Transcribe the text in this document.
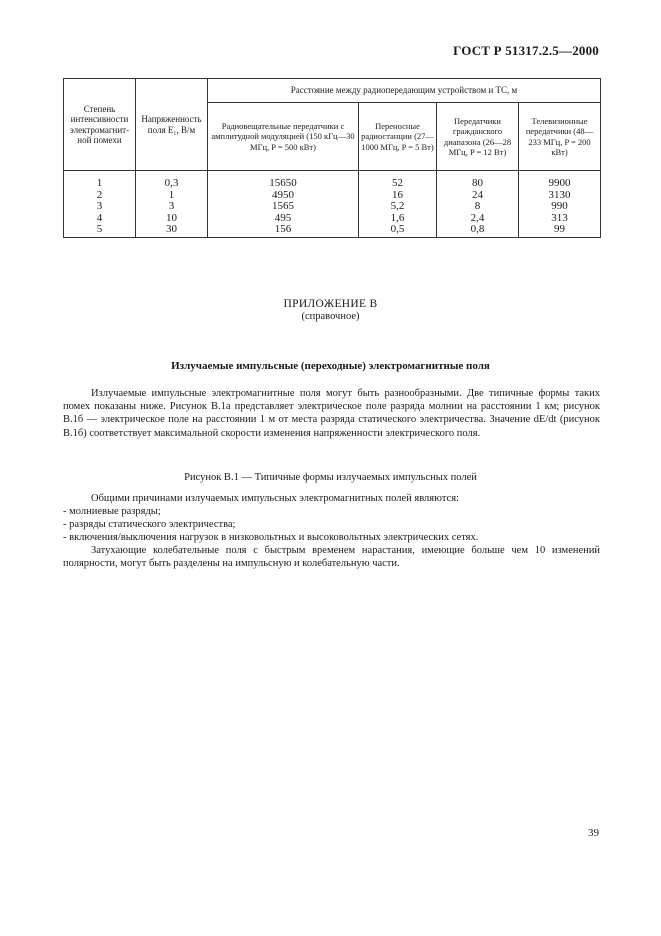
ГОСТ Р 51317.2.5—2000
Степень интенсивности электромагнит-ной помехи	Напряженность поля E₁, В/м	Расстояние между радиопередающим устройством и ТС, м			
		Радиовещательные передатчики с амплитудной модуляцией (150 кГц—30 МГц, P = 500 кВт)	Переносные радиостанции (27—1000 МГц, P = 5 Вт)	Передатчики гражданского диапазона (26—28 МГц, P = 12 Вт)	Телевизионные передатчики (48—233 МГц, P = 200 кВт)
1	0,3	15650	52	80	9900
2	1	4950	16	24	3130
3	3	1565	5,2	8	990
4	10	495	1,6	2,4	313
5	30	156	0,5	0,8	99
ПРИЛОЖЕНИЕ В
(справочное)
Излучаемые импульсные (переходные) электромагнитные поля

Излучаемые импульсные электромагнитные поля могут быть разнообразными. Две типичные формы таких помех показаны ниже. Рисунок В.1а представляет электрическое поле разряда молнии на расстоянии 1 км; рисунок В.1б — электрическое поле на расстоянии 1 м от места разряда статического электричества. Значение dE/dt (рисунок В.1б) соответствует максимальной скорости изменения напряженности электрического поля.

Рисунок В.1 — Типичные формы излучаемых импульсных полей

Общими причинами излучаемых импульсных электромагнитных полей являются:

- молниевые разряды;
- разряды статического электричества;
- включения/выключения нагрузок в низковольтных и высоковольтных электрических сетях.

Затухающие колебательные поля с быстрым временем нарастания, имеющие больше чем 10 изменений полярности, могут быть разделены на импульсную и колебательную части.

39
